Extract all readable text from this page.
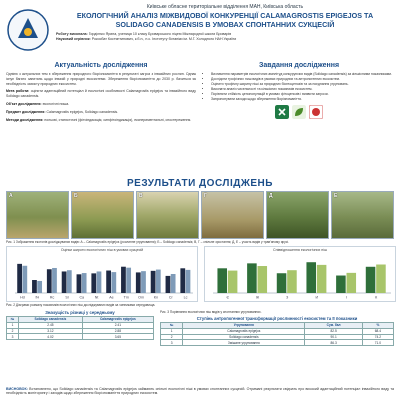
Київське обласне територіальне відділення МАН, Київська область
ЕКОЛОГІЧНИЙ АНАЛІЗ МІЖВИДОВОЇ КОНКУРЕНЦІЇ CALAMAGROSTIS EPIGEJOS ТА
SOLIDAGO CANADENSIS В УМОВАХ СПОНТАННИХ СУКЦЕСІЙ
Роботу виконала: Гордієнко Ярина, учениця 10 класу Броварського ліцею Міжнародної школи Броварів
Науковий керівник: Рокосбат Костянтинович, к.б.н., н.с. Інституту ботаніки ім. М.Г. Холодного НАН України
Актуальність дослідження

Однією з актуальних тем є збереження природного біорізноманіття в результаті загроз з інвазійних рослин. Однак існує багато запитань щодо інвазій у природні екосистеми. Збереження біорізноманіття до 2030 р. бачиться як необхідність захисту природних екосистем.

Мета роботи: оцінити адаптаційний потенціал й екологічні особливості Calamagrostis epigejos та інвазійного виду Solidago canadensis.

Об'єкт дослідження: екологічні ниша.

Предмет дослідження: Calamagrostis epigejos, Solidago canadensis.

Методи дослідження: польові, статистичні (фітоіндикація, синфітоіндикація), експериментальні, спостереження.

Завдання дослідження
• Визначення параметрів екологічних амплітуд конкуруючих видів (Solidago canadensis) за кількісними показниками.
• Дослідити трофічних ниш видів в умовах природних та антропогенних екосистем.
• Оцінити трофічну ширину ніші за природних біогеоценозів та за поєднання угруповань.
• Виконати аналіз чисельності та кількісних показників екосистем.
• Порівняти стійкість ценопопуляцій в умовах фітоценозів і виявити загрози.
• Запропонувати заходи щодо збереження біорізноманіття.
РЕЗУЛЬТАТИ ДОСЛІДЖЕНЬ
А	Б	В	Г	Д	Е
Рис. 1 Зображення екотопів досліджуваних видів: А – Calamagrostis epigejos (рослинне угруповання); Б – Solidago canadensis; В, Г – спільне зростання; Д, Е – участь видів у трав'яному ярусі.
Оцінки широти екологічних ніш в умовах сукцесій
Hd	fH	Rc	Sl	Ca	Nt	Ae	Tm	Om	Kn	Cr	Lc
Співвідношення екологічних ніш
Є	Ж	З	И	І	К
Рис. 2 Діаграми розмаху показників екологічних ніш досліджуваних видів за чинниками середовища.
Значущість різниці у середньому
№	Solidago canadensis	Calamagrostis epigejos
1	2.45	2.41
2	3.12	2.88
3	4.02	3.65
Рис. 3 Порівняння екологічних ніш видів у спонтанних угрупованнях.
Ступінь антропогенної трансформації рослинності екосистем та її показники
№	Угруповання	Сум. бал	%
1	Calamagrostis epigejos	82.5	68.4
2	Solidago canadensis	90.1	74.2
3	Змішане угруповання	86.3	71.0
ВИСНОВОК: Встановлено, що Solidago canadensis та Calamagrostis epigejos займають спільні екологічні ніші в умовах спонтанних сукцесій. Отримані результати свідчать про високий адаптаційний потенціал інвазійного виду та необхідність моніторингу і заходів щодо збереження біорізноманіття природних екосистем.
